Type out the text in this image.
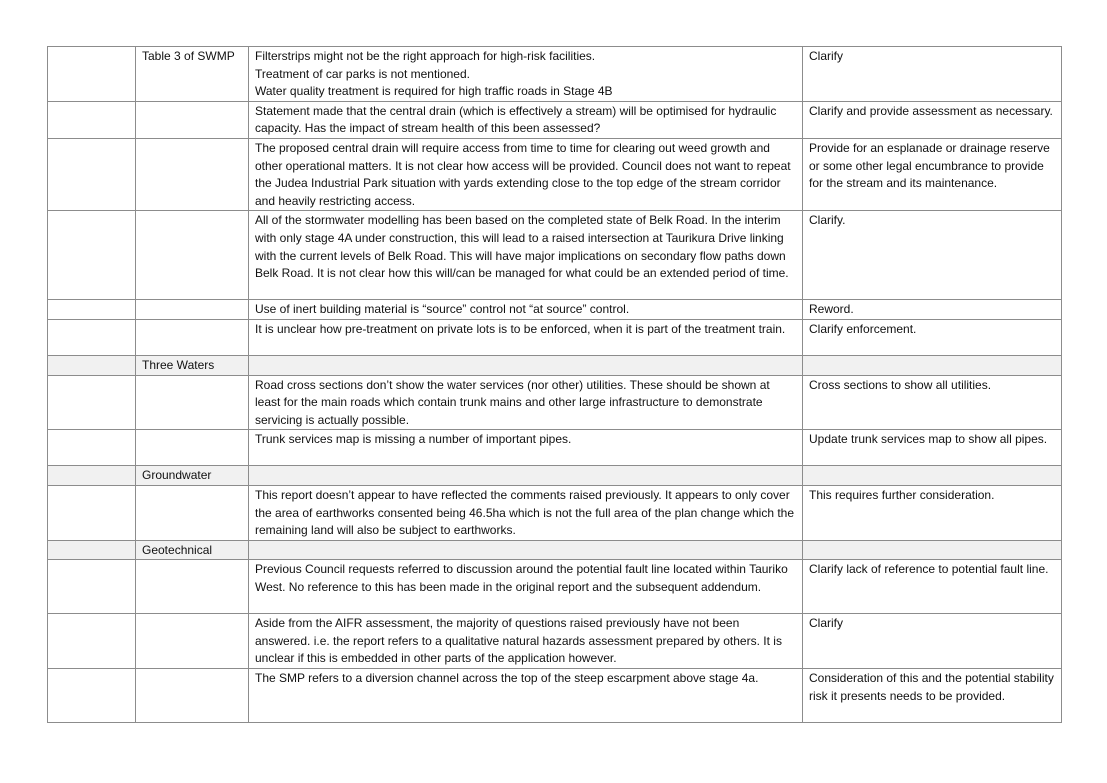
	Table 3 of SWMP	Filterstrips might not be the right approach for high-risk facilities.
Treatment of car parks is not mentioned.
Water quality treatment is required for high traffic roads in Stage 4B	Clarify

		Statement made that the central drain (which is effectively a stream) will be optimised for hydraulic capacity. Has the impact of stream health of this been assessed?	Clarify and provide assessment as necessary.

		The proposed central drain will require access from time to time for clearing out weed growth and other operational matters. It is not clear how access will be provided. Council does not want to repeat the Judea Industrial Park situation with yards extending close to the top edge of the stream corridor and heavily restricting access.	Provide for an esplanade or drainage reserve or some other legal encumbrance to provide for the stream and its maintenance.

		All of the stormwater modelling has been based on the completed state of Belk Road. In the interim with only stage 4A under construction, this will lead to a raised intersection at Taurikura Drive linking with the current levels of Belk Road. This will have major implications on secondary flow paths down Belk Road. It is not clear how this will/can be managed for what could be an extended period of time.	Clarify.

		Use of inert building material is “source” control not “at source” control.	Reword.

		It is unclear how pre-treatment on private lots is to be enforced, when it is part of the treatment train.	Clarify enforcement.
	Three Waters		

		Road cross sections don’t show the water services (nor other) utilities. These should be shown at least for the main roads which contain trunk mains and other large infrastructure to demonstrate servicing is actually possible.	Cross sections to show all utilities.

		Trunk services map is missing a number of important pipes.	Update trunk services map to show all pipes.
	Groundwater		

		This report doesn’t appear to have reflected the comments raised previously. It appears to only cover the area of earthworks consented being 46.5ha which is not the full area of the plan change which the remaining land will also be subject to earthworks.	This requires further consideration.
	Geotechnical		

		Previous Council requests referred to discussion around the potential fault line located within Tauriko West. No reference to this has been made in the original report and the subsequent addendum.	Clarify lack of reference to potential fault line.

		Aside from the AIFR assessment, the majority of questions raised previously have not been answered. i.e. the report refers to a qualitative natural hazards assessment prepared by others. It is unclear if this is embedded in other parts of the application however.	Clarify

		The SMP refers to a diversion channel across the top of the steep escarpment above stage 4a.	Consideration of this and the potential stability risk it presents needs to be provided.
